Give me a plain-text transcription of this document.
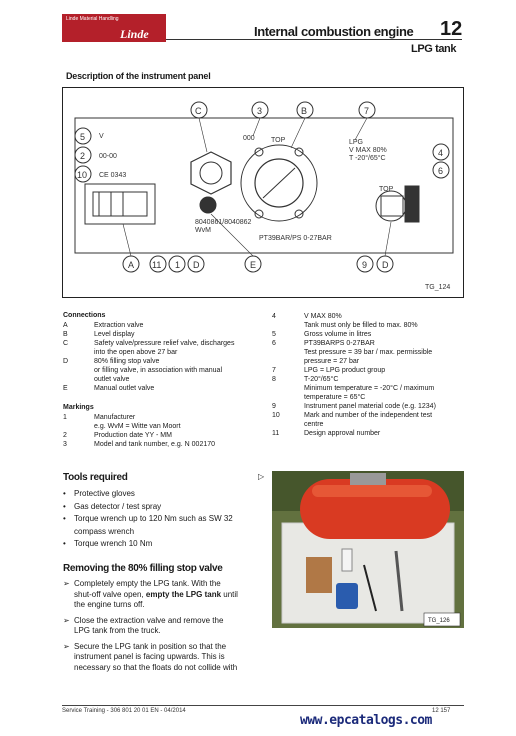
Linde Material Handling
Linde	Internal combustion engine 12
LPG tank
Description of the instrument panel
C	3	B	7
5
2
10
4
6
A 11 1 D	E	9 D
000 TOP	LPG
V MAX 80%
T -20°/65°C
V
00-00
CE 0343
8040861/8040862
WvM
PT39BAR/PS 0-27BAR
TOP
TG_124
Connections
A	Extraction valve
B	Level display
C	Safety valve/pressure relief valve, discharges
into the open above 27 bar
D	80% filling stop valve
or filling valve, in association with manual
outlet valve
E	Manual outlet valve
Markings
1	Manufacturer
e.g. WvM = Witte van Moort
2	Production date YY - MM
3	Model and tank number, e.g. N 002170
4	V MAX 80%
Tank must only be filled to max. 80%
5	Gross volume in litres
6	PT39BARPS 0-27BAR
Test pressure = 39 bar / max. permissible
pressure = 27 bar
7	LPG = LPG product group
8	T-20°/65°C
Minimum temperature = -20°C / maximum
temperature = 65°C
9	Instrument panel material code (e.g. 1234)
10	Mark and number of the independent test
centre
11	Design approval number
Tools required	▷
• Protective gloves
• Gas detector / test spray
• Torque wrench up to 120 Nm such as SW 32
compass wrench
• Torque wrench 10 Nm
Removing the 80% filling stop valve
➢ Completely empty the LPG tank. With the
shut-off valve open, empty the LPG tank until
the engine turns off.
➢ Close the extraction valve and remove the
LPG tank from the truck.
➢ Secure the LPG tank in position so that the
instrument panel is facing upwards. This is
necessary so that the floats do not collide with
TG_126
Service Training - 306 801 20 01 EN - 04/2014	12 157
www.epcatalogs.com
